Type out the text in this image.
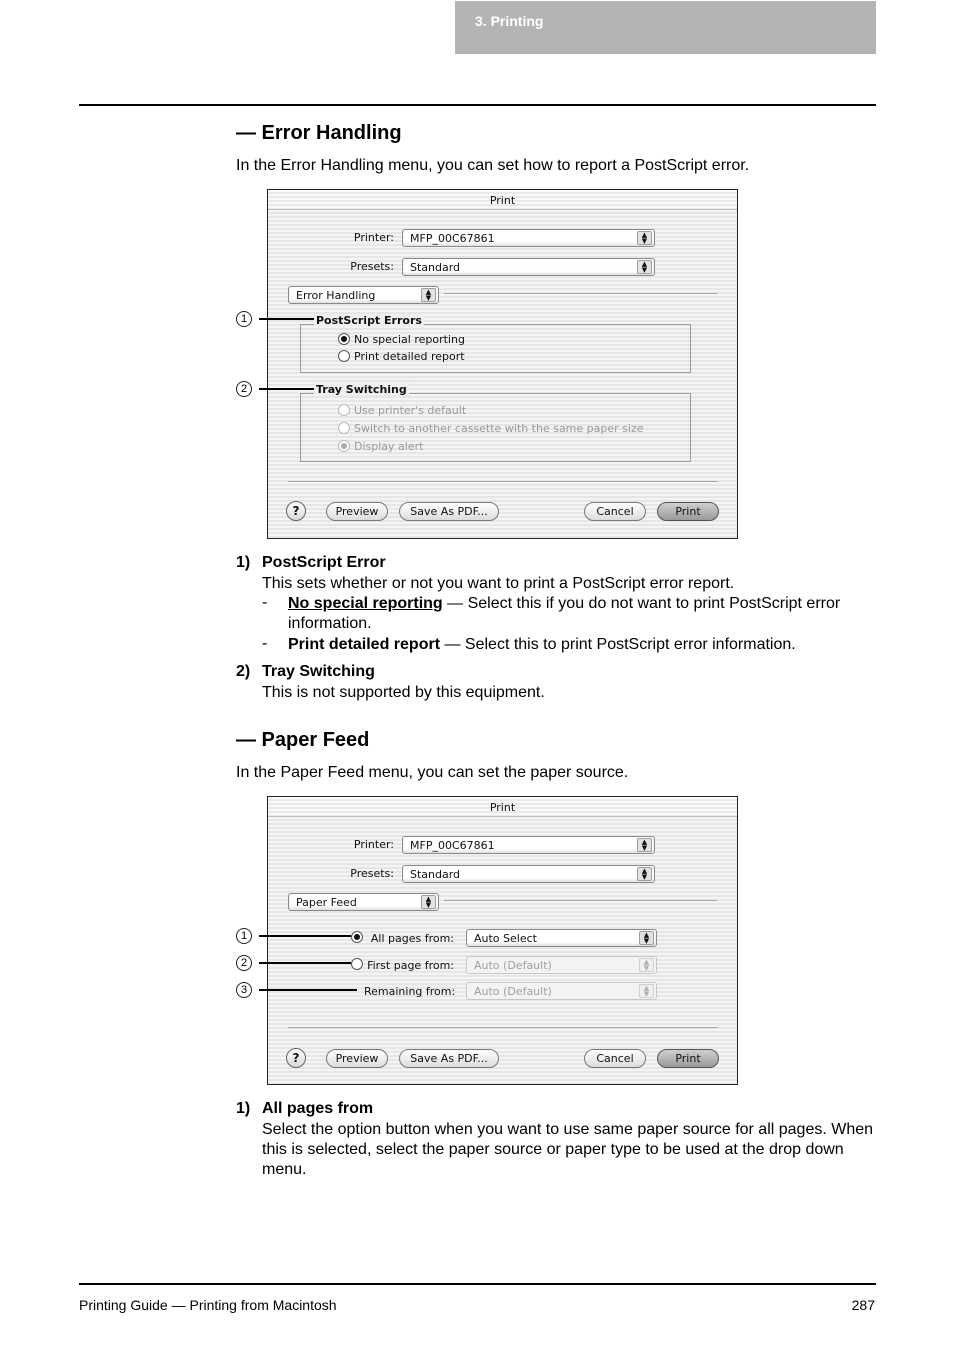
3. Printing
— Error Handling
In the Error Handling menu, you can set how to report a PostScript error.
Print
Printer: MFP_00C67861	▲
▼
Presets: Standard	▲
▼
Error Handling	▲
▼
PostScript Errors
No special reporting
Print detailed report
Tray Switching
Use printer's default
Switch to another cassette with the same paper size
Display alert
?	Preview	Save As PDF...	Cancel	Print
1
2
1) PostScript Error
This sets whether or not you want to print a PostScript error report.
- No special reporting — Select this if you do not want to print PostScript error information.
- Print detailed report — Select this to print PostScript error information.
2) Tray Switching
This is not supported by this equipment.
— Paper Feed
In the Paper Feed menu, you can set the paper source.
Print
Printer: MFP_00C67861	▲
▼
Presets: Standard	▲
▼
Paper Feed	▲
▼
All pages from: Auto Select	▲
▼
First page from: Auto (Default)	▲
▼
Remaining from: Auto (Default)	▲
▼
?	Preview	Save As PDF...	Cancel	Print
1
2
3
1) All pages from
Select the option button when you want to use same paper source for all pages. When this is selected, select the paper source or paper type to be used at the drop down menu.
Printing Guide — Printing from Macintosh	287
